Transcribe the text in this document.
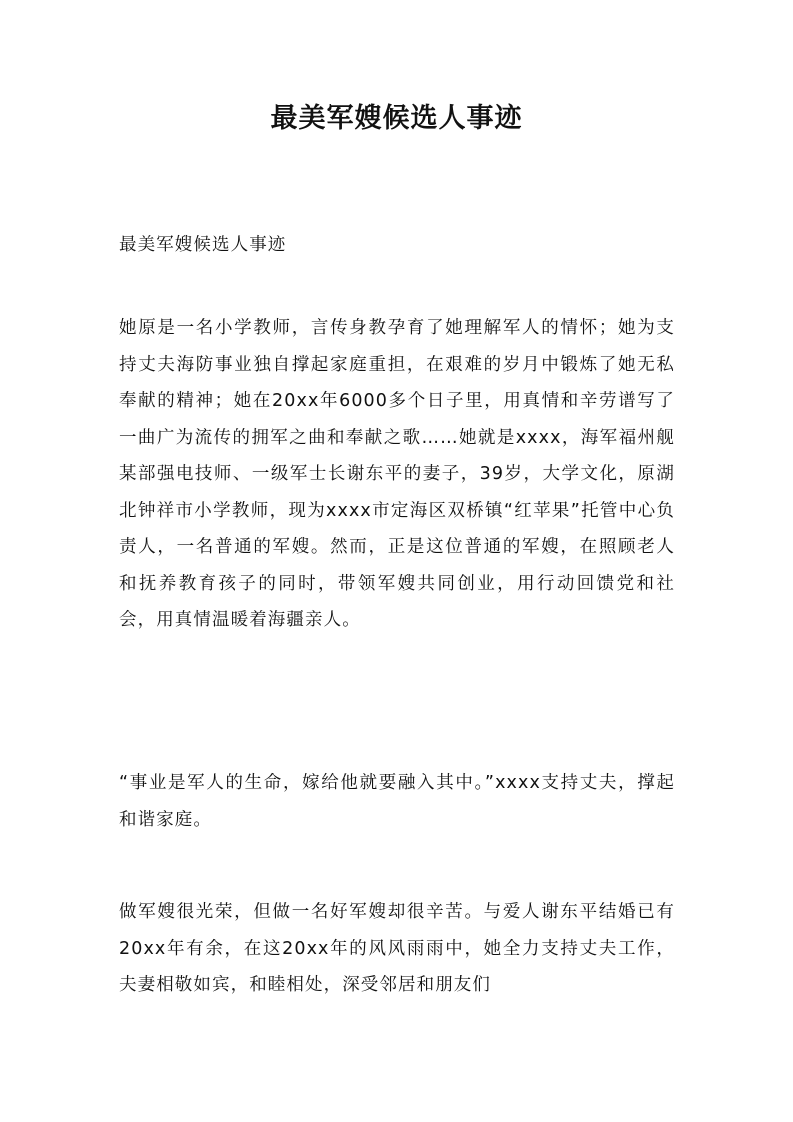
最美军嫂候选人事迹

最美军嫂候选人事迹

她原是一名小学教师，言传身教孕育了她理解军人的情怀；她为支持丈夫海防事业独自撑起家庭重担，在艰难的岁月中锻炼了她无私奉献的精神；她在20xx年6000多个日子里，用真情和辛劳谱写了一曲广为流传的拥军之曲和奉献之歌……她就是xxxx，海军福州舰某部强电技师、一级军士长谢东平的妻子，39岁，大学文化，原湖北钟祥市小学教师，现为xxxx市定海区双桥镇“红苹果”托管中心负责人，一名普通的军嫂。然而，正是这位普通的军嫂，在照顾老人和抚养教育孩子的同时，带领军嫂共同创业，用行动回馈党和社会，用真情温暖着海疆亲人。

“事业是军人的生命，嫁给他就要融入其中。”xxxx支持丈夫，撑起和谐家庭。

做军嫂很光荣，但做一名好军嫂却很辛苦。与爱人谢东平结婚已有20xx年有余，在这20xx年的风风雨雨中，她全力支持丈夫工作，夫妻相敬如宾，和睦相处，深受邻居和朋友们
